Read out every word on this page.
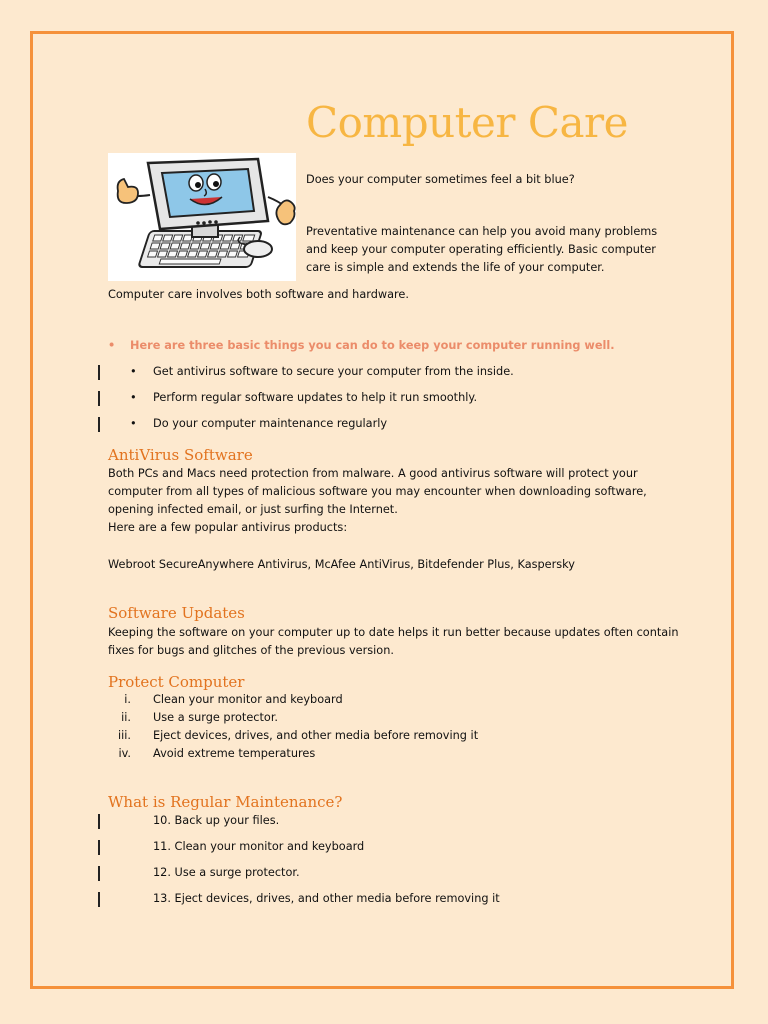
Computer Care
Does your computer sometimes feel a bit blue?
Preventative maintenance can help you avoid many problems
and keep your computer operating efficiently. Basic computer
care is simple and extends the life of your computer.
Computer care involves both software and hardware.
• Here are three basic things you can do to keep your computer running well.
• Get antivirus software to secure your computer from the inside.
• Perform regular software updates to help it run smoothly.
• Do your computer maintenance regularly
AntiVirus Software
Both PCs and Macs need protection from malware. A good antivirus software will protect your
computer from all types of malicious software you may encounter when downloading software,
opening infected email, or just surfing the Internet.
Here are a few popular antivirus products:
Webroot SecureAnywhere Antivirus, McAfee AntiVirus, Bitdefender Plus, Kaspersky
Software Updates
Keeping the software on your computer up to date helps it run better because updates often contain
fixes for bugs and glitches of the previous version.
Protect Computer
i. Clean your monitor and keyboard
ii. Use a surge protector.
iii. Eject devices, drives, and other media before removing it
iv. Avoid extreme temperatures
What is Regular Maintenance?
10. Back up your files.
11. Clean your monitor and keyboard
12. Use a surge protector.
13. Eject devices, drives, and other media before removing it
